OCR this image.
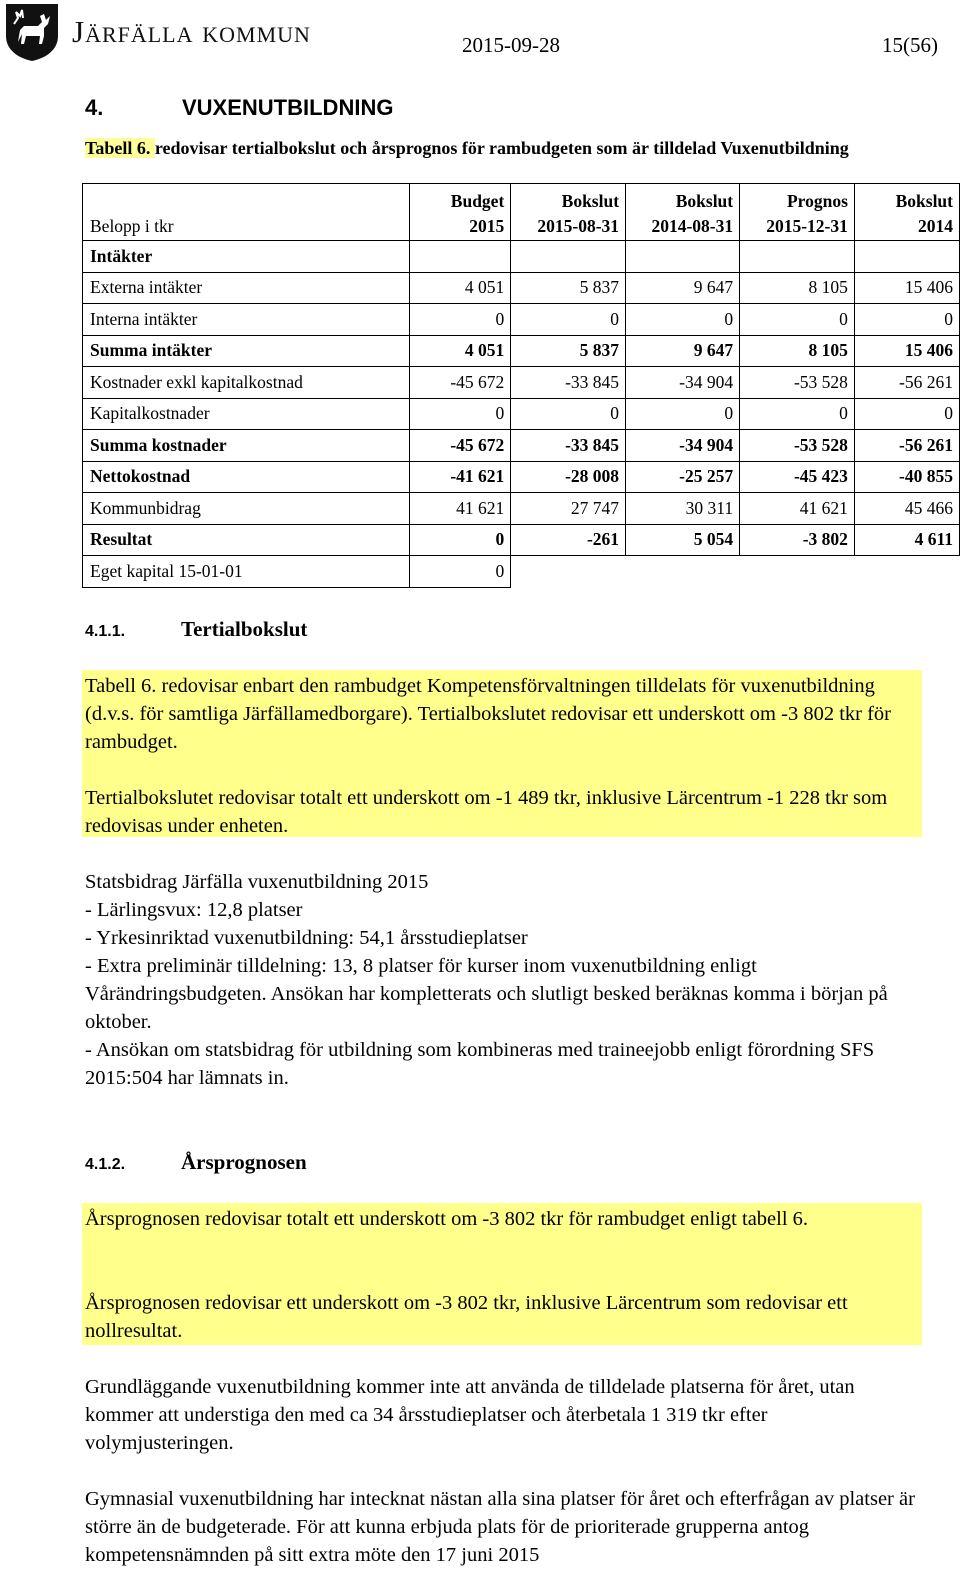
Järfälla kommun	2015-09-28	15(56)
4.	VUXENUTBILDNING
Tabell 6. redovisar tertialbokslut och årsprognos för rambudgeten som är tilldelad Vuxenutbildning
	Budget	Bokslut	Bokslut	Prognos	Bokslut
Belopp i tkr	2015	2015-08-31	2014-08-31	2015-12-31	2014
Intäkter					
Externa intäkter	4 051	5 837	9 647	8 105	15 406
Interna intäkter	0	0	0	0	0
Summa intäkter	4 051	5 837	9 647	8 105	15 406
Kostnader exkl kapitalkostnad	-45 672	-33 845	-34 904	-53 528	-56 261
Kapitalkostnader	0	0	0	0	0
Summa kostnader	-45 672	-33 845	-34 904	-53 528	-56 261
Nettokostnad	-41 621	-28 008	-25 257	-45 423	-40 855
Kommunbidrag	41 621	27 747	30 311	41 621	45 466
Resultat	0	-261	5 054	-3 802	4 611
Eget kapital 15-01-01	0				
4.1.1.	Tertialbokslut
Tabell 6. redovisar enbart den rambudget Kompetensförvaltningen tilldelats för vuxenutbildning (d.v.s. för samtliga Järfällamedborgare). Tertialbokslutet redovisar ett underskott om -3 802 tkr för rambudget.
Tertialbokslutet redovisar totalt ett underskott om -1 489 tkr, inklusive Lärcentrum -1 228 tkr som redovisas under enheten.
Statsbidrag Järfälla vuxenutbildning 2015
- Lärlingsvux: 12,8 platser
- Yrkesinriktad vuxenutbildning: 54,1 årsstudieplatser
- Extra preliminär tilldelning: 13, 8 platser för kurser inom vuxenutbildning enligt Vårändringsbudgeten. Ansökan har kompletterats och slutligt besked beräknas komma i början på oktober.
- Ansökan om statsbidrag för utbildning som kombineras med traineejobb enligt förordning SFS 2015:504 har lämnats in.
4.1.2.	Årsprognosen
Årsprognosen redovisar totalt ett underskott om -3 802 tkr för rambudget enligt tabell 6.
Årsprognosen redovisar ett underskott om -3 802 tkr, inklusive Lärcentrum som redovisar ett nollresultat.
Grundläggande vuxenutbildning kommer inte att använda de tilldelade platserna för året, utan kommer att understiga den med ca 34 årsstudieplatser och återbetala 1 319 tkr efter volymjusteringen.
Gymnasial vuxenutbildning har intecknat nästan alla sina platser för året och efterfrågan av platser är större än de budgeterade. För att kunna erbjuda plats för de prioriterade grupperna antog kompetensnämnden på sitt extra möte den 17 juni 2015
